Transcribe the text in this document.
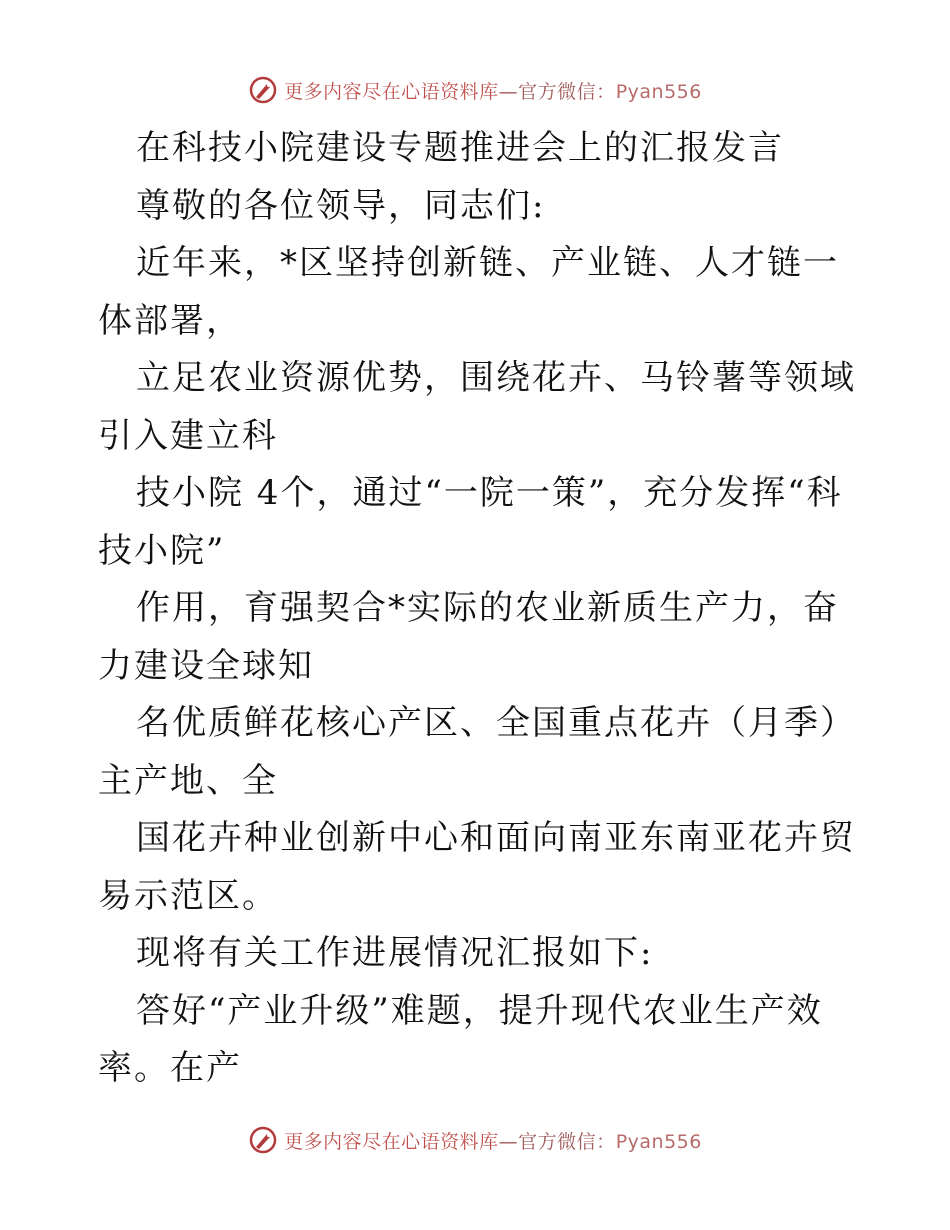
更多内容尽在心语资料库—官方微信：Pyan556

在科技小院建设专题推进会上的汇报发言

尊敬的各位领导，同志们:

近年来，*区坚持创新链、产业链、人才链一体部署，

立足农业资源优势，围绕花卉、马铃薯等领域引入建立科

技小院 4个，通过“一院一策”，充分发挥“科技小院”

作用，育强契合*实际的农业新质生产力，奋力建设全球知

名优质鲜花核心产区、全国重点花卉（月季）主产地、全

国花卉种业创新中心和面向南亚东南亚花卉贸易示范区。

现将有关工作进展情况汇报如下:

答好“产业升级”难题，提升现代农业生产效率。在产

更多内容尽在心语资料库—官方微信：Pyan556
